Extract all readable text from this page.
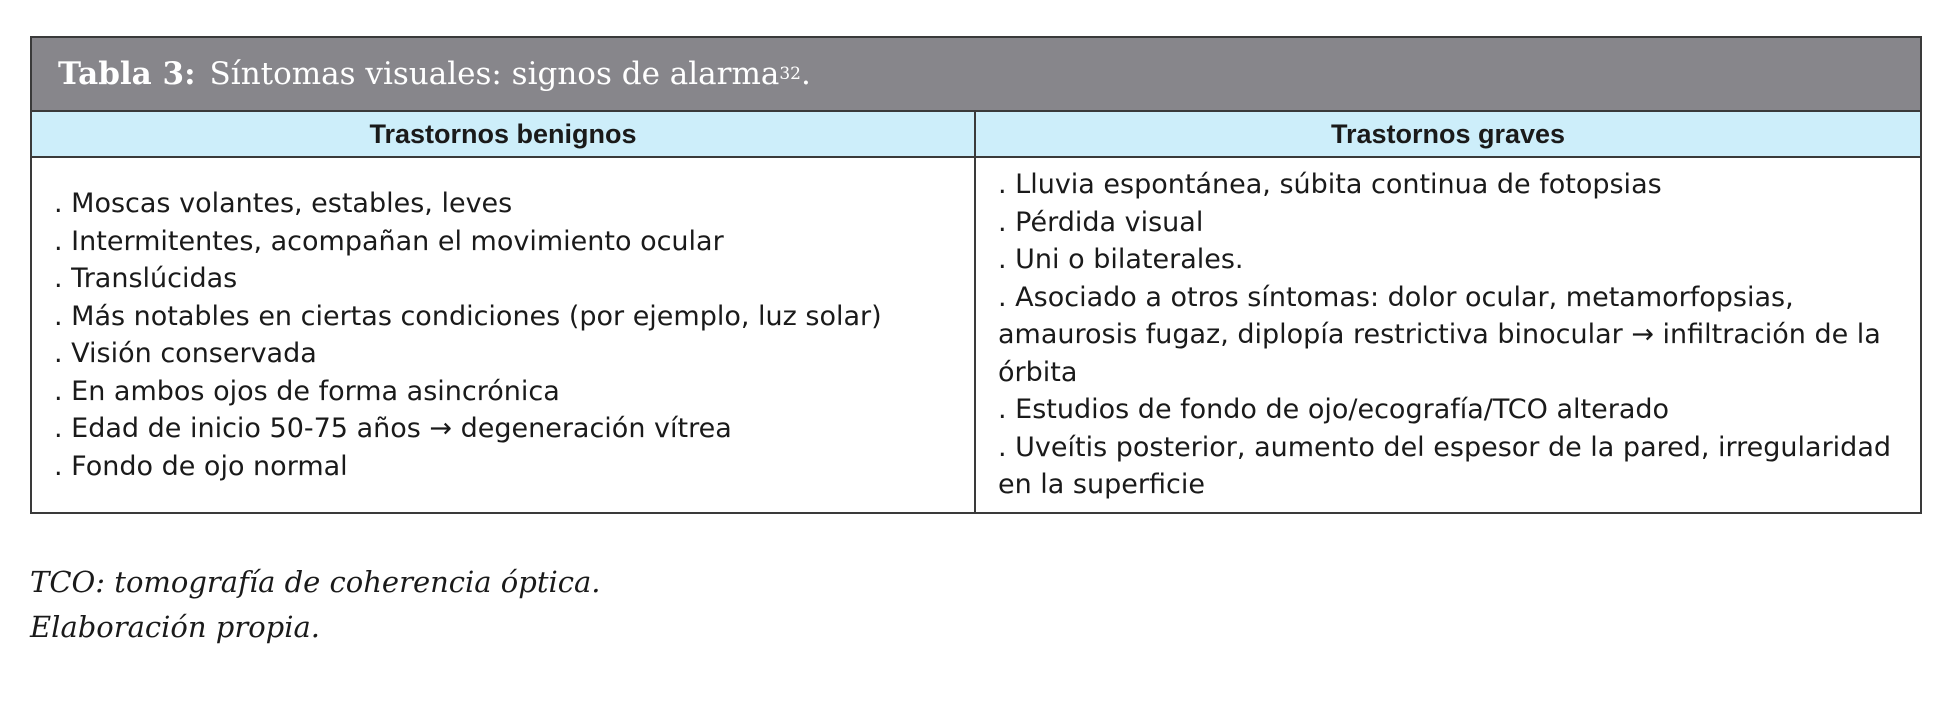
Tabla 3: Síntomas visuales: signos de alarma 32 .
Trastornos benignos	Trastornos graves
. Moscas volantes, estables, leves
. Intermitentes, acompañan el movimiento ocular
. Translúcidas
. Más notables en ciertas condiciones (por ejemplo, luz solar)
. Visión conservada
. En ambos ojos de forma asincrónica
. Edad de inicio 50-75 años → degeneración vítrea
. Fondo de ojo normal
. Lluvia espontánea, súbita continua de fotopsias
. Pérdida visual
. Uni o bilaterales.
. Asociado a otros síntomas: dolor ocular, metamorfopsias, amaurosis fugaz, diplopía restrictiva binocular → infiltración de la órbita
. Estudios de fondo de ojo/ecografía/TCO alterado
. Uveítis posterior, aumento del espesor de la pared, irregularidad en la superficie
TCO: tomografía de coherencia óptica.
Elaboración propia.
